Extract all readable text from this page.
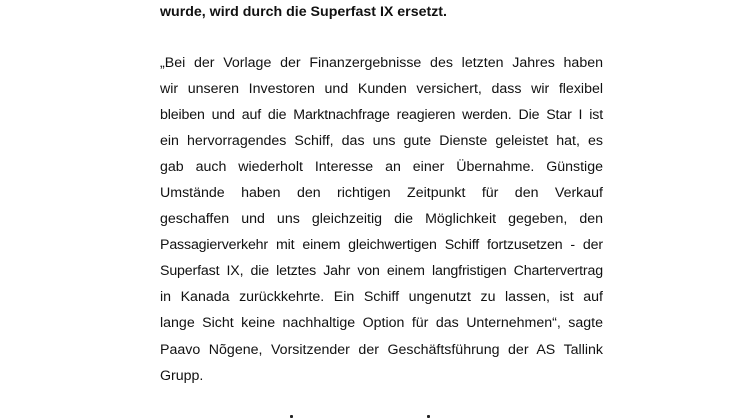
wurde, wird durch die Superfast IX ersetzt.

„Bei der Vorlage der Finanzergebnisse des letzten Jahres haben
wir unseren Investoren und Kunden versichert, dass wir flexibel
bleiben und auf die Marktnachfrage reagieren werden. Die Star I ist
ein hervorragendes Schiff, das uns gute Dienste geleistet hat, es
gab auch wiederholt Interesse an einer Übernahme. Günstige
Umstände haben den richtigen Zeitpunkt für den Verkauf
geschaffen und uns gleichzeitig die Möglichkeit gegeben, den
Passagierverkehr mit einem gleichwertigen Schiff fortzusetzen - der
Superfast IX, die letztes Jahr von einem langfristigen Chartervertrag
in Kanada zurückkehrte. Ein Schiff ungenutzt zu lassen, ist auf
lange Sicht keine nachhaltige Option für das Unternehmen“, sagte
Paavo Nõgene, Vorsitzender der Geschäftsführung der AS Tallink
Grupp.
